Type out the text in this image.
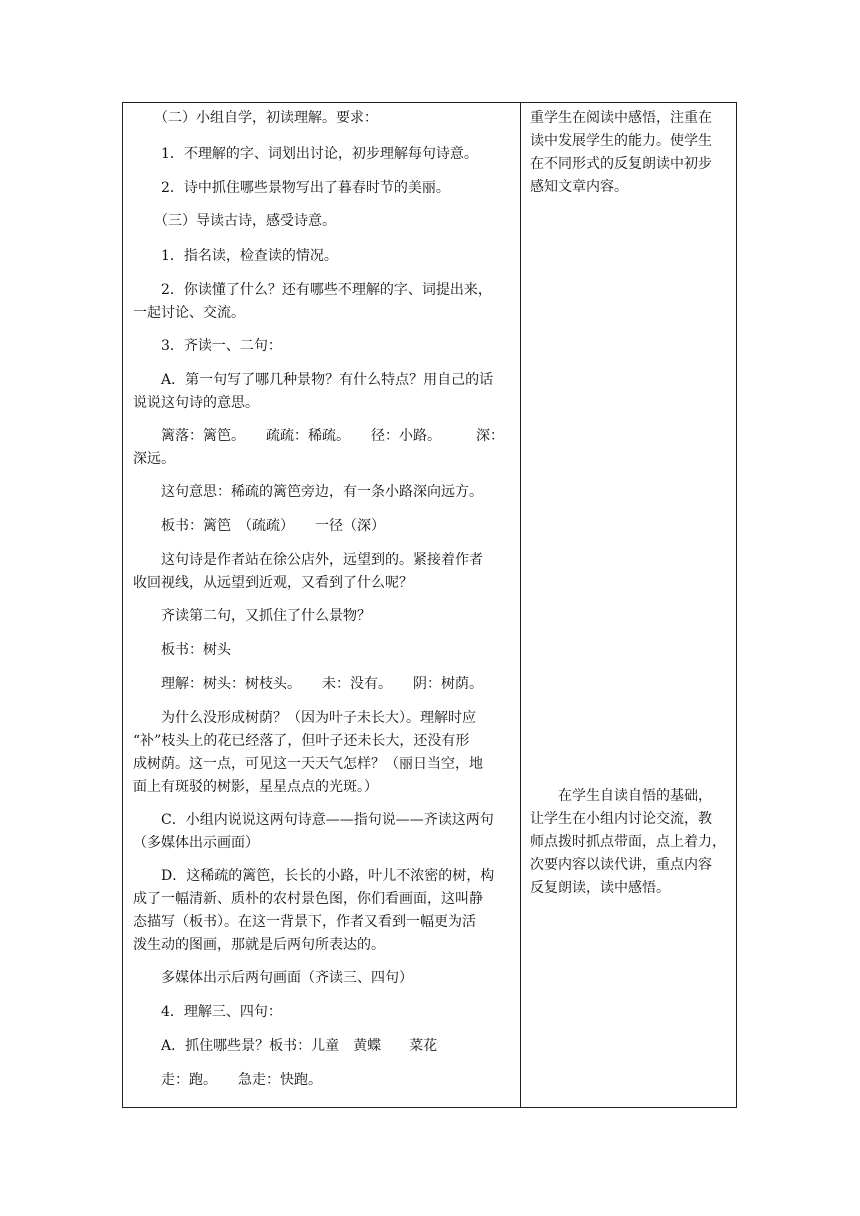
　　（二）小组自学，初读理解。要求：
　　1．不理解的字、词划出讨论，初步理解每句诗意。
　　2．诗中抓住哪些景物写出了暮春时节的美丽。
　　（三）导读古诗，感受诗意。
　　1．指名读，检查读的情况。
　　2．你读懂了什么？还有哪些不理解的字、词提出来，
一起讨论、交流。
　　3．齐读一、二句：
　　A．第一句写了哪几种景物？有什么特点？用自己的话
说说这句诗的意思。
　　篱落：篱笆。　　疏疏：稀疏。　　径：小路。　　　深：
深远。
　　这句意思：稀疏的篱笆旁边，有一条小路深向远方。
　　板书：篱笆　（疏疏）　　一径（深）
　　这句诗是作者站在徐公店外，远望到的。紧接着作者
收回视线，从远望到近观，又看到了什么呢？
　　齐读第二句，又抓住了什么景物？
　　板书：树头
　　理解：树头：树枝头。　　未：没有。　　阴：树荫。
　　为什么没形成树荫？（因为叶子未长大）。理解时应
“补”枝头上的花已经落了，但叶子还未长大，还没有形
成树荫。这一点，可见这一天天气怎样？（丽日当空，地
面上有斑驳的树影，星星点点的光斑。）
　　C．小组内说说这两句诗意——指句说——齐读这两句
（多媒体出示画面）
　　D．这稀疏的篱笆，长长的小路，叶儿不浓密的树，构
成了一幅清新、质朴的农村景色图，你们看画面，这叫静
态描写（板书）。在这一背景下，作者又看到一幅更为活
泼生动的图画，那就是后两句所表达的。
　　多媒体出示后两句画面（齐读三、四句）
　　4．理解三、四句：
　　A．抓住哪些景？板书：儿童　黄蝶　　菜花
　　走：跑。　　急走：快跑。
重学生在阅读中感悟，注重在
读中发展学生的能力。使学生
在不同形式的反复朗读中初步
感知文章内容。
　　在学生自读自悟的基础，
让学生在小组内讨论交流，教
师点拨时抓点带面，点上着力，
次要内容以读代讲，重点内容
反复朗读，读中感悟。
